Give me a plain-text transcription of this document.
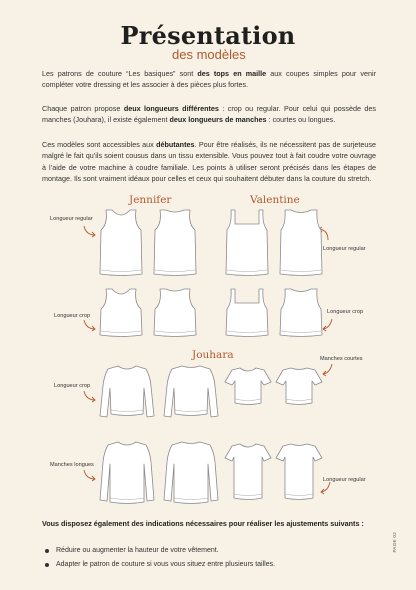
Présentation

des modèles

Les patrons de couture “Les basiques” sont des tops en maille aux coupes simples pour venir compléter votre dressing et les associer à des pièces plus fortes.

Chaque patron propose deux longueurs différentes : crop ou regular. Pour celui qui possède des manches (Jouhara), il existe également deux longueurs de manches : courtes ou longues.

Ces modèles sont accessibles aux débutantes. Pour être réalisés, ils ne nécessitent pas de surjeteuse malgré le fait qu’ils soient cousus dans un tissu extensible. Vous pouvez tout à fait coudre votre ouvrage à l’aide de votre machine à coudre familiale. Les points à utiliser seront précisés dans les étapes de montage. Ils sont vraiment idéaux pour celles et ceux qui souhaitent débuter dans la couture du stretch.

Jennifer	Valentine

Jouhara

Longueur regular
Longueur crop
Longueur regular
Longueur crop
Longueur crop
Manches courtes
Manches longues
Longueur regular

Vous disposez également des indications nécessaires pour réaliser les ajustements suivants :

Réduire ou augmenter la hauteur de votre vêtement.
Adapter le patron de couture si vous vous situez entre plusieurs tailles.
PAGE 02
